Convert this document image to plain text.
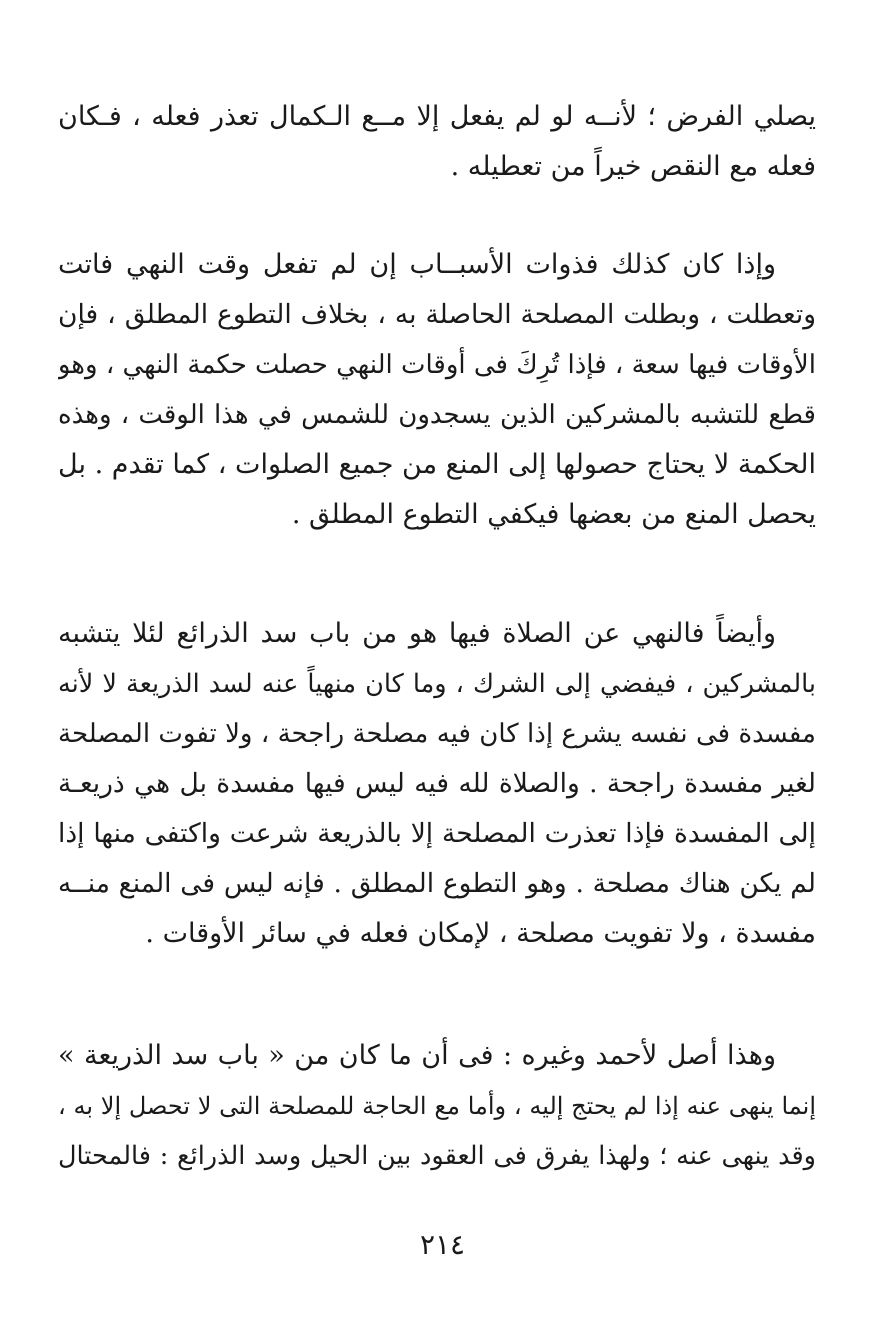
يصلي الفرض ؛ لأنــه لو لم يفعل إلا مــع الـكمال تعذر فعله ، فـكان
فعله مع النقص خيراً من تعطيله .
وإذا كان كذلك فذوات الأسبــاب إن لم تفعل وقت النهي فاتت
وتعطلت ، وبطلت المصلحة الحاصلة به ، بخلاف التطوع المطلق ، فإن
الأوقات فيها سعة ، فإذا تُرِكَ فى أوقات النهي حصلت حكمة النهي ، وهو
قطع للتشبه بالمشركين الذين يسجدون للشمس في هذا الوقت ، وهذه
الحكمة لا يحتاج حصولها إلى المنع من جميع الصلوات ، كما تقدم . بل
يحصل المنع من بعضها فيكفي التطوع المطلق .
وأيضاً فالنهي عن الصلاة فيها هو من باب سد الذرائع لئلا يتشبه
بالمشركين ، فيفضي إلى الشرك ، وما كان منهياً عنه لسد الذريعة لا لأنه
مفسدة فى نفسه يشرع إذا كان فيه مصلحة راجحة ، ولا تفوت المصلحة
لغير مفسدة راجحة . والصلاة لله فيه ليس فيها مفسدة بل هي ذريعـة
إلى المفسدة فإذا تعذرت المصلحة إلا بالذريعة شرعت واكتفى منها إذا
لم يكن هناك مصلحة . وهو التطوع المطلق . فإنه ليس فى المنع منــه
مفسدة ، ولا تفويت مصلحة ، لإمكان فعله في سائر الأوقات .
وهذا أصل لأحمد وغيره : فى أن ما كان من « باب سد الذريعة »
إنما ينهى عنه إذا لم يحتج إليه ، وأما مع الحاجة للمصلحة التى لا تحصل إلا به ،
وقد ينهى عنه ؛ ولهذا يفرق فى العقود بين الحيل وسد الذرائع : فالمحتال
٢١٤
